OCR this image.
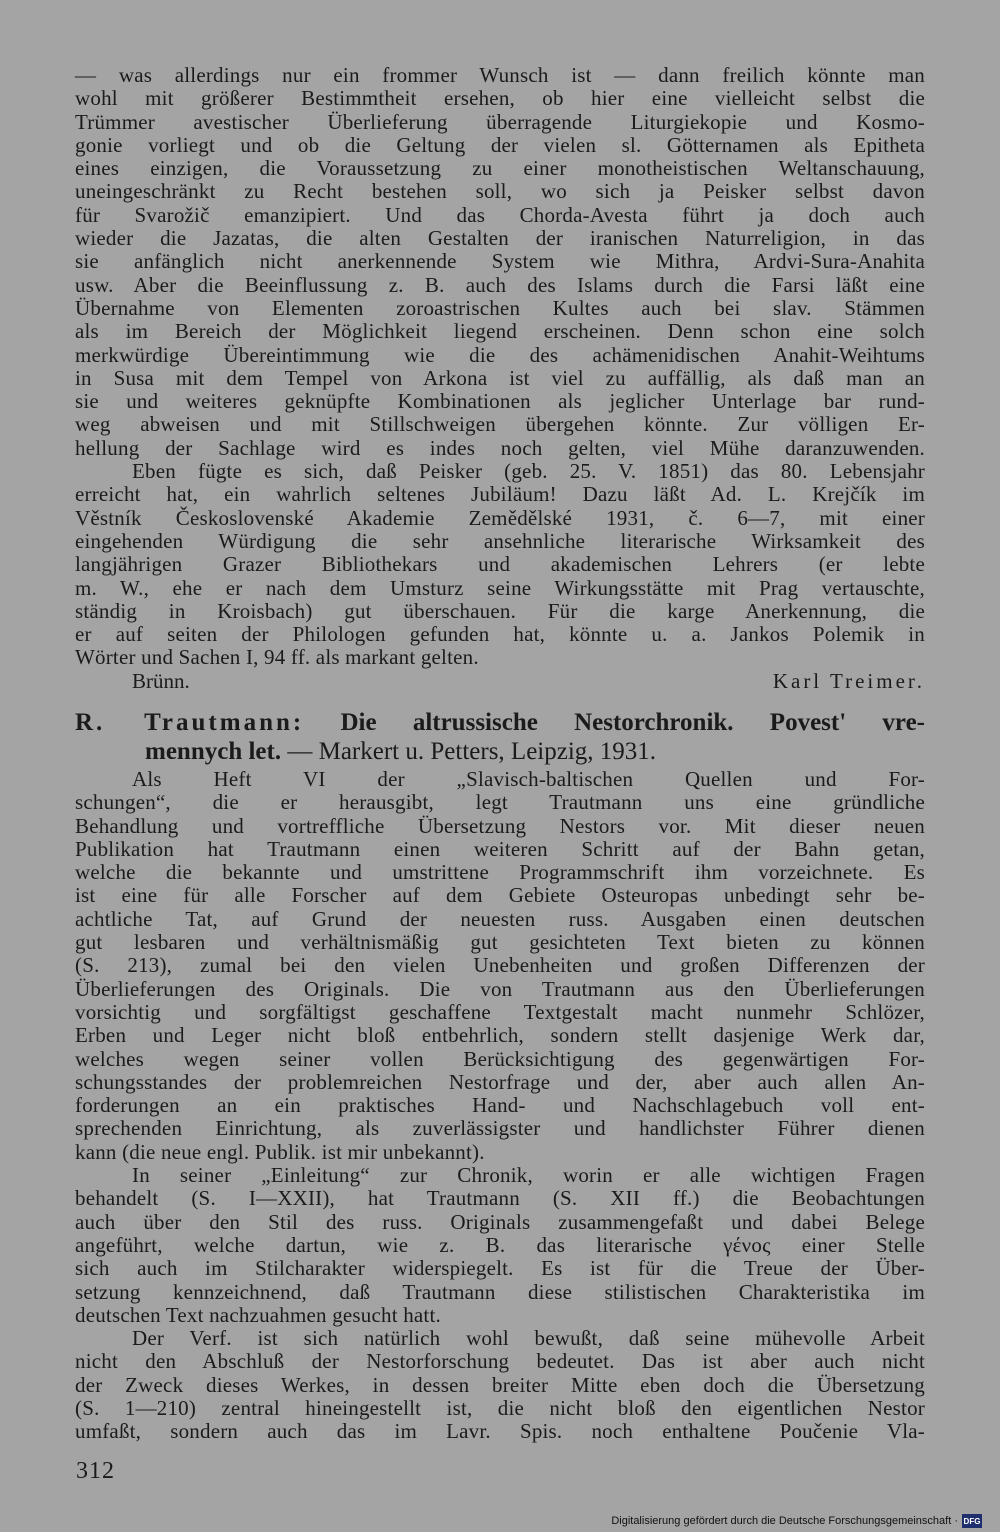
— was allerdings nur ein frommer Wunsch ist — dann freilich könnte man
wohl mit größerer Bestimmtheit ersehen, ob hier eine vielleicht selbst die
Trümmer avestischer Überlieferung überragende Liturgiekopie und Kosmo-
gonie vorliegt und ob die Geltung der vielen sl. Götternamen als Epitheta
eines einzigen, die Voraussetzung zu einer monotheistischen Weltanschauung,
uneingeschränkt zu Recht bestehen soll, wo sich ja Peisker selbst davon
für Svarožič emanzipiert. Und das Chorda-Avesta führt ja doch auch
wieder die Jazatas, die alten Gestalten der iranischen Naturreligion, in das
sie anfänglich nicht anerkennende System wie Mithra, Ardvi-Sura-Anahita
usw. Aber die Beeinflussung z. B. auch des Islams durch die Farsi läßt eine
Übernahme von Elementen zoroastrischen Kultes auch bei slav. Stämmen
als im Bereich der Möglichkeit liegend erscheinen. Denn schon eine solch
merkwürdige Übereintimmung wie die des achämenidischen Anahit-Weihtums
in Susa mit dem Tempel von Arkona ist viel zu auffällig, als daß man an
sie und weiteres geknüpfte Kombinationen als jeglicher Unterlage bar rund-
weg abweisen und mit Stillschweigen übergehen könnte. Zur völligen Er-
hellung der Sachlage wird es indes noch gelten, viel Mühe daranzuwenden.
Eben fügte es sich, daß Peisker (geb. 25. V. 1851) das 80. Lebensjahr
erreicht hat, ein wahrlich seltenes Jubiläum! Dazu läßt Ad. L. Krejčík im
Věstník Československé Akademie Zemědělské 1931, č. 6—7, mit einer
eingehenden Würdigung die sehr ansehnliche literarische Wirksamkeit des
langjährigen Grazer Bibliothekars und akademischen Lehrers (er lebte
m. W., ehe er nach dem Umsturz seine Wirkungsstätte mit Prag vertauschte,
ständig in Kroisbach) gut überschauen. Für die karge Anerkennung, die
er auf seiten der Philologen gefunden hat, könnte u. a. Jankos Polemik in
Wörter und Sachen I, 94 ff. als markant gelten.
Brünn.	Karl Treimer.
R. Trautmann: Die altrussische Nestorchronik. Povest' vre-
mennych let. — Markert u. Petters, Leipzig, 1931.
Als Heft VI der „Slavisch-baltischen Quellen und For-
schungen“, die er herausgibt, legt Trautmann uns eine gründliche
Behandlung und vortreffliche Übersetzung Nestors vor. Mit dieser neuen
Publikation hat Trautmann einen weiteren Schritt auf der Bahn getan,
welche die bekannte und umstrittene Programmschrift ihm vorzeichnete. Es
ist eine für alle Forscher auf dem Gebiete Osteuropas unbedingt sehr be-
achtliche Tat, auf Grund der neuesten russ. Ausgaben einen deutschen
gut lesbaren und verhältnismäßig gut gesichteten Text bieten zu können
(S. 213), zumal bei den vielen Unebenheiten und großen Differenzen der
Überlieferungen des Originals. Die von Trautmann aus den Überlieferungen
vorsichtig und sorgfältigst geschaffene Textgestalt macht nunmehr Schlözer,
Erben und Leger nicht bloß entbehrlich, sondern stellt dasjenige Werk dar,
welches wegen seiner vollen Berücksichtigung des gegenwärtigen For-
schungsstandes der problemreichen Nestorfrage und der, aber auch allen An-
forderungen an ein praktisches Hand- und Nachschlagebuch voll ent-
sprechenden Einrichtung, als zuverlässigster und handlichster Führer dienen
kann (die neue engl. Publik. ist mir unbekannt).
In seiner „Einleitung“ zur Chronik, worin er alle wichtigen Fragen
behandelt (S. I—XXII), hat Trautmann (S. XII ff.) die Beobachtungen
auch über den Stil des russ. Originals zusammengefaßt und dabei Belege
angeführt, welche dartun, wie z. B. das literarische γένος einer Stelle
sich auch im Stilcharakter widerspiegelt. Es ist für die Treue der Über-
setzung kennzeichnend, daß Trautmann diese stilistischen Charakteristika im
deutschen Text nachzuahmen gesucht hatt.
Der Verf. ist sich natürlich wohl bewußt, daß seine mühevolle Arbeit
nicht den Abschluß der Nestorforschung bedeutet. Das ist aber auch nicht
der Zweck dieses Werkes, in dessen breiter Mitte eben doch die Übersetzung
(S. 1—210) zentral hineingestellt ist, die nicht bloß den eigentlichen Nestor
umfaßt, sondern auch das im Lavr. Spis. noch enthaltene Poučenie Vla-
312
Digitalisierung gefördert durch die Deutsche Forschungsgemeinschaft · DFG
